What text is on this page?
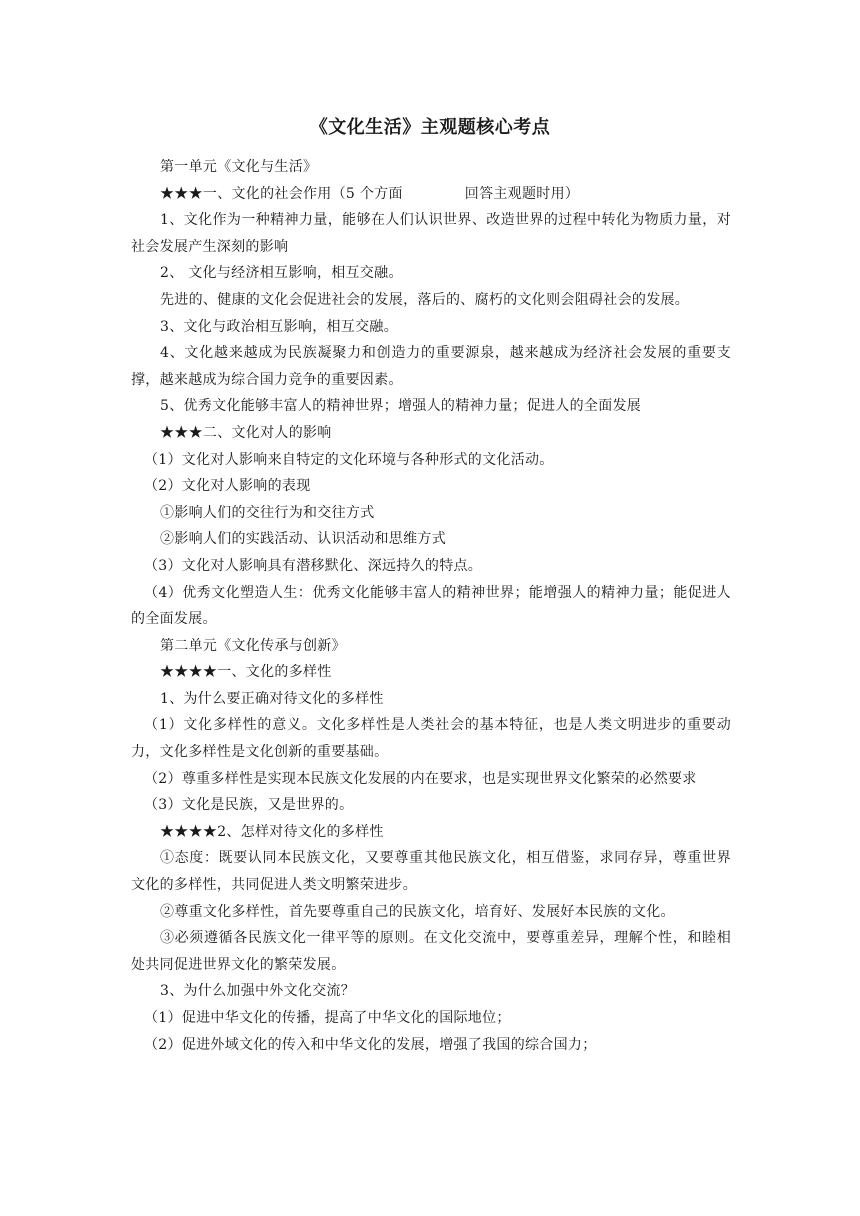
《文化生活》主观题核心考点

第一单元《文化与生活》

★★★一、文化的社会作用（5 个方面	回答主观题时用）

1、文化作为一种精神力量，能够在人们认识世界、改造世界的过程中转化为物质力量，对社会发展产生深刻的影响

2、 文化与经济相互影响，相互交融。

先进的、健康的文化会促进社会的发展，落后的、腐朽的文化则会阻碍社会的发展。

3、文化与政治相互影响，相互交融。

4、文化越来越成为民族凝聚力和创造力的重要源泉，越来越成为经济社会发展的重要支撑，越来越成为综合国力竞争的重要因素。

5、优秀文化能够丰富人的精神世界；增强人的精神力量；促进人的全面发展

★★★二、文化对人的影响

（1）文化对人影响来自特定的文化环境与各种形式的文化活动。

（2）文化对人影响的表现

①影响人们的交往行为和交往方式

②影响人们的实践活动、认识活动和思维方式

（3）文化对人影响具有潜移默化、深远持久的特点。

（4）优秀文化塑造人生：优秀文化能够丰富人的精神世界；能增强人的精神力量；能促进人的全面发展。

第二单元《文化传承与创新》

★★★★一、文化的多样性

1、为什么要正确对待文化的多样性

（1）文化多样性的意义。文化多样性是人类社会的基本特征，也是人类文明进步的重要动力，文化多样性是文化创新的重要基础。

（2）尊重多样性是实现本民族文化发展的内在要求，也是实现世界文化繁荣的必然要求

（3）文化是民族，又是世界的。

★★★★2、怎样对待文化的多样性

①态度：既要认同本民族文化，又要尊重其他民族文化，相互借鉴，求同存异，尊重世界文化的多样性，共同促进人类文明繁荣进步。

②尊重文化多样性，首先要尊重自己的民族文化，培育好、发展好本民族的文化。

③必须遵循各民族文化一律平等的原则。在文化交流中，要尊重差异，理解个性，和睦相处共同促进世界文化的繁荣发展。

3、为什么加强中外文化交流？

（1）促进中华文化的传播，提高了中华文化的国际地位；

（2）促进外域文化的传入和中华文化的发展，增强了我国的综合国力；
